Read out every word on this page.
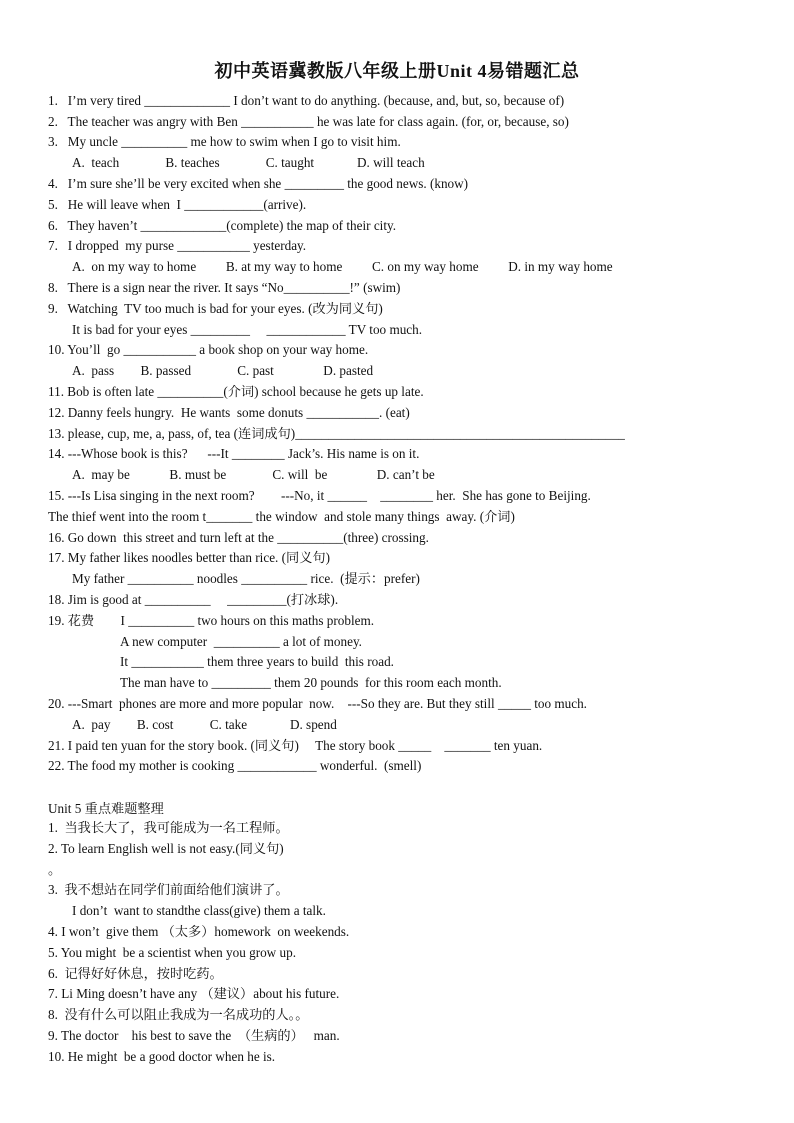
初中英语冀教版八年级上册Unit 4易错题汇总
1.   I’m very tired _____________ I don’t want to do anything. (because, and, but, so, because of)
2.   The teacher was angry with Ben ___________ he was late for class again. (for, or, because, so)
3.   My uncle __________ me how to swim when I go to visit him.
A.  teach              B. teaches              C. taught             D. will teach
4.   I’m sure she’ll be very excited when she _________ the good news. (know)
5.   He will leave when  I ____________(arrive).
6.   They haven’t _____________(complete) the map of their city.
7.   I dropped  my purse ___________ yesterday.
A.  on my way to home         B. at my way to home         C. on my way home         D. in my way home
8.   There is a sign near the river. It says “No__________!” (swim)
9.   Watching  TV too much is bad for your eyes. (改为同义句)
It is bad for your eyes _________     ____________ TV too much.
10. You’ll  go ___________ a book shop on your way home.
A.  pass        B. passed              C. past               D. pasted
11. Bob is often late __________(介词) school because he gets up late.
12. Danny feels hungry.  He wants  some donuts ___________. (eat)
13. please, cup, me, a, pass, of, tea (连词成句)__________________________________________________
14. ---Whose book is this?      ---It ________ Jack’s. His name is on it.
A.  may be            B. must be              C. will  be               D. can’t be
15. ---Is Lisa singing in the next room?        ---No, it ______    ________ her.  She has gone to Beijing.
The thief went into the room t_______ the window  and stole many things  away. (介词)
16. Go down  this street and turn left at the __________(three) crossing.
17. My father likes noodles better than rice. (同义句)
My father __________ noodles __________ rice.  (提示：prefer)
18. Jim is good at __________     _________(打冰球).
19. 花费        I __________ two hours on this maths problem.
A new computer  __________ a lot of money.
It ___________ them three years to build  this road.
The man have to _________ them 20 pounds  for this room each month.
20. ---Smart  phones are more and more popular  now.    ---So they are. But they still _____ too much.
A.  pay        B. cost           C. take             D. spend
21. I paid ten yuan for the story book. (同义句)     The story book _____    _______ ten yuan.
22. The food my mother is cooking ____________ wonderful.  (smell)
Unit 5 重点难题整理
1.  当我长大了，我可能成为一名工程师。
2. To learn English well is not easy.(同义句)
。
3.  我不想站在同学们前面给他们演讲了。
I don’t  want to standthe class(give) them a talk.
4. I won’t  give them （太多）homework  on weekends.
5. You might  be a scientist when you grow up.
6.  记得好好休息，按时吃药。
7. Li Ming doesn’t have any （建议）about his future.
8.  没有什么可以阻止我成为一名成功的人。。
9. The doctor    his best to save the  （生病的）   man.
10. He might  be a good doctor when he is.
